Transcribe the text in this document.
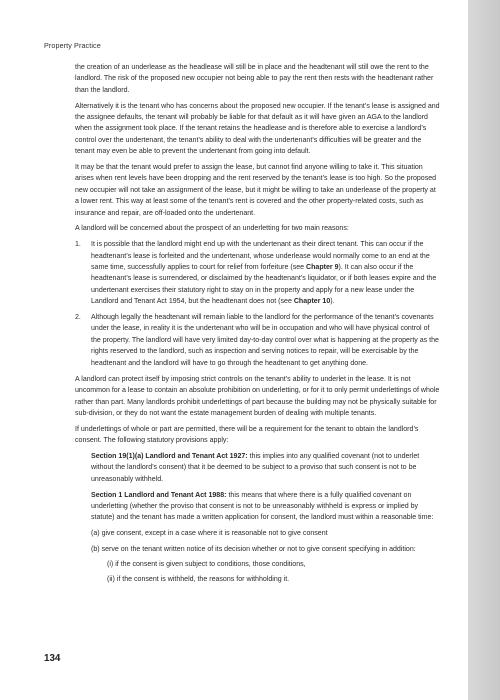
Property Practice

the creation of an underlease as the headlease will still be in place and the headtenant will still owe the rent to the landlord. The risk of the proposed new occupier not being able to pay the rent then rests with the headtenant rather than the landlord.

Alternatively it is the tenant who has concerns about the proposed new occupier. If the tenant’s lease is assigned and the assignee defaults, the tenant will probably be liable for that default as it will have given an AGA to the landlord when the assignment took place. If the tenant retains the headlease and is therefore able to exercise a landlord’s control over the undertenant, the tenant’s ability to deal with the undertenant’s difficulties will be greater and the tenant may even be able to prevent the undertenant from going into default.

It may be that the tenant would prefer to assign the lease, but cannot find anyone willing to take it. This situation arises when rent levels have been dropping and the rent reserved by the tenant’s lease is too high. So the proposed new occupier will not take an assignment of the lease, but it might be willing to take an underlease of the property at a lower rent. This way at least some of the tenant’s rent is covered and the other property-related costs, such as insurance and repair, are off-loaded onto the undertenant.

A landlord will be concerned about the prospect of an underletting for two main reasons:

1. It is possible that the landlord might end up with the undertenant as their direct tenant. This can occur if the headtenant’s lease is forfeited and the undertenant, whose underlease would normally come to an end at the same time, successfully applies to court for relief from forfeiture (see Chapter 9). It can also occur if the headtenant’s lease is surrendered, or disclaimed by the headtenant’s liquidator, or if both leases expire and the undertenant exercises their statutory right to stay on in the property and apply for a new lease under the Landlord and Tenant Act 1954, but the headtenant does not (see Chapter 10).
2. Although legally the headtenant will remain liable to the landlord for the performance of the tenant’s covenants under the lease, in reality it is the undertenant who will be in occupation and who will have physical control of the property. The landlord will have very limited day-to-day control over what is happening at the property as the rights reserved to the landlord, such as inspection and serving notices to repair, will be exercisable by the headtenant and the landlord will have to go through the headtenant to get anything done.

A landlord can protect itself by imposing strict controls on the tenant’s ability to underlet in the lease. It is not uncommon for a lease to contain an absolute prohibition on underletting, or for it to only permit underlettings of whole rather than part. Many landlords prohibit underlettings of part because the building may not be physically suitable for sub-division, or they do not want the estate management burden of dealing with multiple tenants.

If underlettings of whole or part are permitted, there will be a requirement for the tenant to obtain the landlord’s consent. The following statutory provisions apply:

Section 19(1)(a) Landlord and Tenant Act 1927: this implies into any qualified covenant (not to underlet without the landlord’s consent) that it be deemed to be subject to a proviso that such consent is not to be unreasonably withheld.

Section 1 Landlord and Tenant Act 1988: this means that where there is a fully qualified covenant on underletting (whether the proviso that consent is not to be unreasonably withheld is express or implied by statute) and the tenant has made a written application for consent, the landlord must within a reasonable time:

(a) give consent, except in a case where it is reasonable not to give consent
(b) serve on the tenant written notice of its decision whether or not to give consent specifying in addition:
(i) if the consent is given subject to conditions, those conditions,
(ii) if the consent is withheld, the reasons for withholding it.
134
